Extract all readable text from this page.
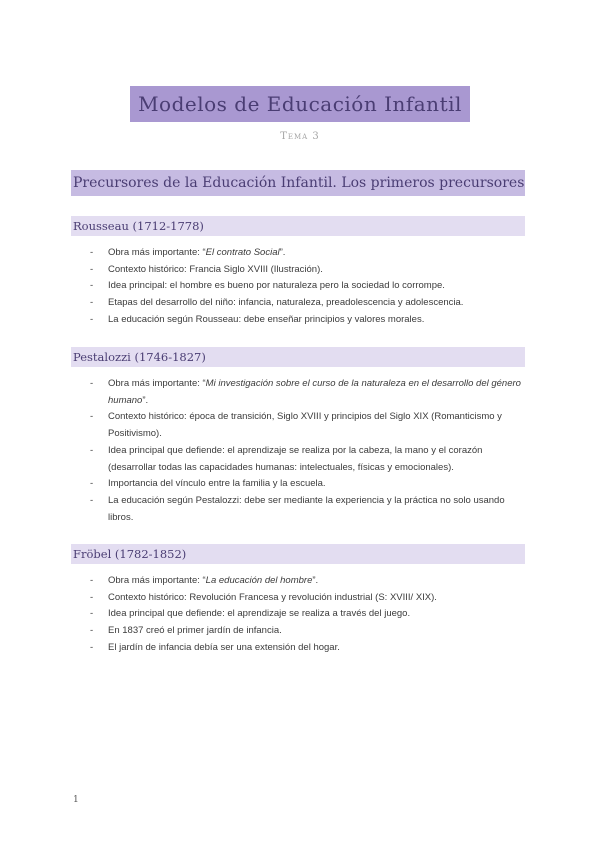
Modelos de Educación Infantil
Tema 3
Precursores de la Educación Infantil. Los primeros precursores
Rousseau (1712-1778)
- Obra más importante: “El contrato Social”.
- Contexto histórico: Francia Siglo XVIII (Ilustración).
- Idea principal: el hombre es bueno por naturaleza pero la sociedad lo corrompe.
- Etapas del desarrollo del niño: infancia, naturaleza, preadolescencia y adolescencia.
- La educación según Rousseau: debe enseñar principios y valores morales.
Pestalozzi (1746-1827)
- Obra más importante: “Mi investigación sobre el curso de la naturaleza en el desarrollo del género humano”.
- Contexto histórico: época de transición, Siglo XVIII y principios del Siglo XIX (Romanticismo y Positivismo).
- Idea principal que defiende: el aprendizaje se realiza por la cabeza, la mano y el corazón (desarrollar todas las capacidades humanas: intelectuales, físicas y emocionales).
- Importancia del vínculo entre la familia y la escuela.
- La educación según Pestalozzi: debe ser mediante la experiencia y la práctica no solo usando libros.
Fröbel (1782-1852)
- Obra más importante: “La educación del hombre”.
- Contexto histórico: Revolución Francesa y revolución industrial (S: XVIII/ XIX).
- Idea principal que defiende: el aprendizaje se realiza a través del juego.
- En 1837 creó el primer jardín de infancia.
- El jardín de infancia debía ser una extensión del hogar.
1
